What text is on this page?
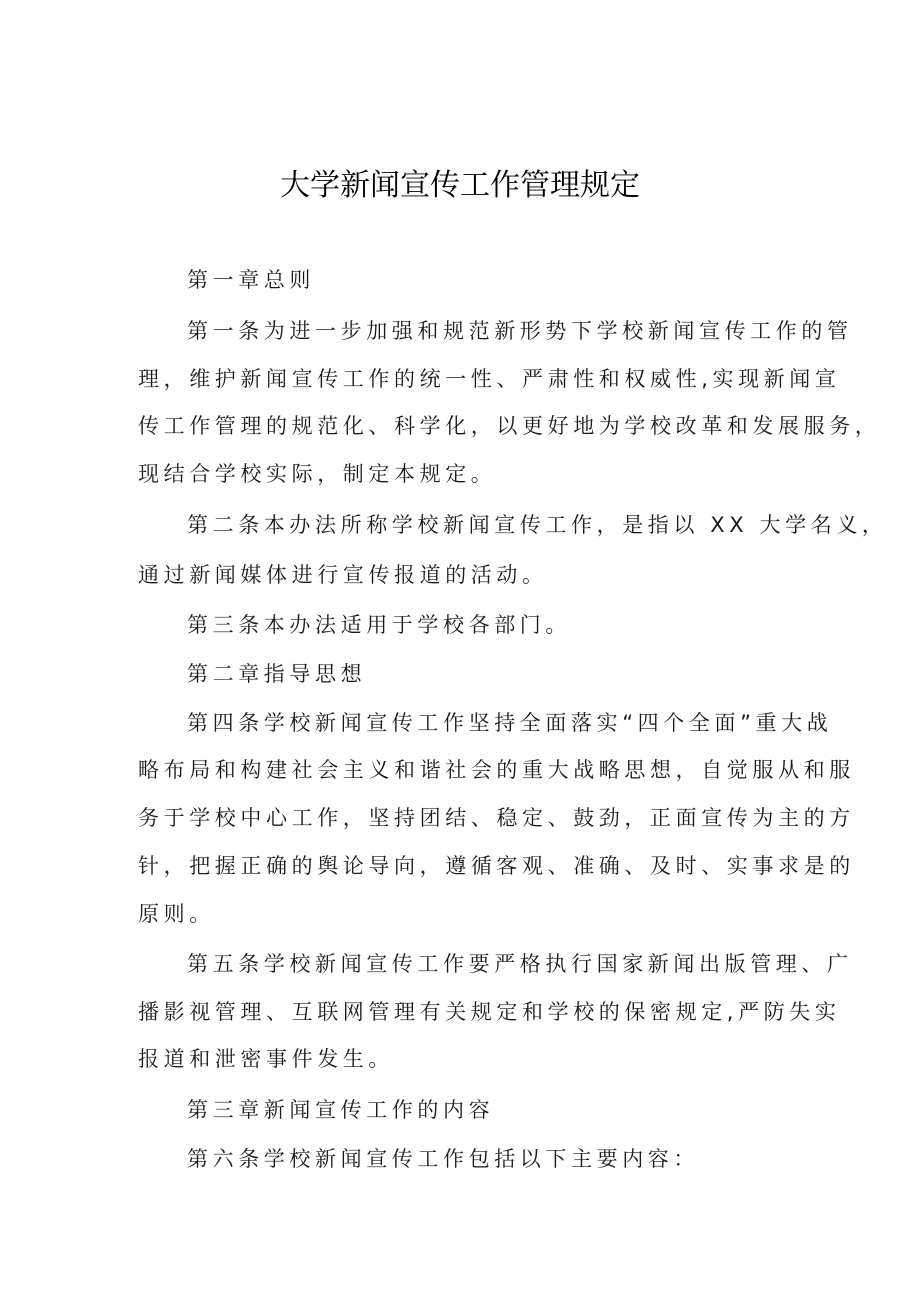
大学新闻宣传工作管理规定
第一章总则
第一条为进一步加强和规范新形势下学校新闻宣传工作的管
理，维护新闻宣传工作的统一性、严肃性和权威性,实现新闻宣
传工作管理的规范化、科学化，以更好地为学校改革和发展服务，
现结合学校实际，制定本规定。
第二条本办法所称学校新闻宣传工作，是指以 XX 大学名义，
通过新闻媒体进行宣传报道的活动。
第三条本办法适用于学校各部门。
第二章指导思想
第四条学校新闻宣传工作坚持全面落实“四个全面”重大战
略布局和构建社会主义和谐社会的重大战略思想，自觉服从和服
务于学校中心工作，坚持团结、稳定、鼓劲，正面宣传为主的方
针，把握正确的舆论导向，遵循客观、准确、及时、实事求是的
原则。
第五条学校新闻宣传工作要严格执行国家新闻出版管理、广
播影视管理、互联网管理有关规定和学校的保密规定,严防失实
报道和泄密事件发生。
第三章新闻宣传工作的内容
第六条学校新闻宣传工作包括以下主要内容：
